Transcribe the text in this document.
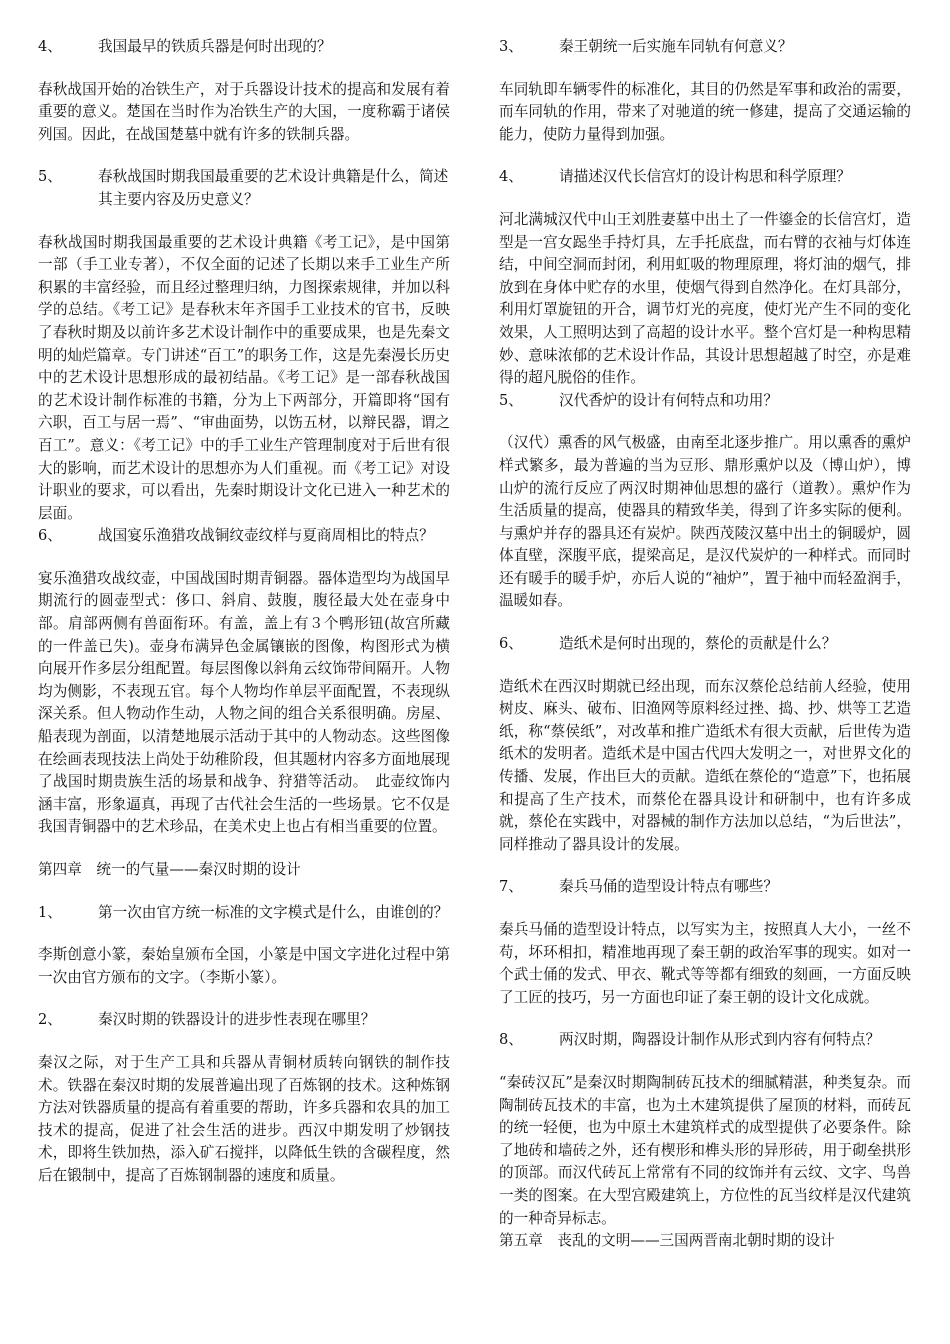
4、 我国最早的铁质兵器是何时出现的？
春秋战国开始的冶铁生产，对于兵器设计技术的提高和发展有着重要的意义。楚国在当时作为冶铁生产的大国，一度称霸于诸侯列国。因此，在战国楚墓中就有许多的铁制兵器。
5、 春秋战国时期我国最重要的艺术设计典籍是什么，简述其主要内容及历史意义？
春秋战国时期我国最重要的艺术设计典籍《考工记》，是中国第一部（手工业专著），不仅全面的记述了长期以来手工业生产所积累的丰富经验，而且经过整理归纳，力图探索规律，并加以科学的总结。《考工记》是春秋末年齐国手工业技术的官书，反映了春秋时期及以前许多艺术设计制作中的重要成果，也是先秦文明的灿烂篇章。专门讲述“百工”的职务工作，这是先秦漫长历史中的艺术设计思想形成的最初结晶。《考工记》是一部春秋战国的艺术设计制作标准的书籍，分为上下两部分，开篇即将“国有六职，百工与居一焉”、“审曲面势，以饬五材，以辩民器，谓之百工”。意义：《考工记》中的手工业生产管理制度对于后世有很大的影响，而艺术设计的思想亦为人们重视。而《考工记》对设计职业的要求，可以看出，先秦时期设计文化已进入一种艺术的层面。
6、 战国宴乐渔猎攻战铜纹壶纹样与夏商周相比的特点？
宴乐渔猎攻战纹壶，中国战国时期青铜器。器体造型均为战国早期流行的圆壶型式：侈口、斜肩、鼓腹，腹径最大处在壶身中部。肩部两侧有兽面衔环。有盖，盖上有３个鸭形钮(故宫所藏的一件盖已失)。壶身布满异色金属镶嵌的图像，构图形式为横向展开作多层分组配置。每层图像以斜角云纹饰带间隔开。人物均为侧影，不表现五官。每个人物均作单层平面配置，不表现纵深关系。但人物动作生动，人物之间的组合关系很明确。房屋、船表现为剖面，以清楚地展示活动于其中的人物动态。这些图像在绘画表现技法上尚处于幼稚阶段，但其题材内容多方面地展现了战国时期贵族生活的场景和战争、狩猎等活动。　此壶纹饰内涵丰富，形象逼真，再现了古代社会生活的一些场景。它不仅是我国青铜器中的艺术珍品，在美术史上也占有相当重要的位置。
第四章　统一的气量——秦汉时期的设计
1、 第一次由官方统一标准的文字模式是什么，由谁创的？
李斯创意小篆，秦始皇颁布全国，小篆是中国文字进化过程中第一次由官方颁布的文字。（李斯小篆）。
2、 秦汉时期的铁器设计的进步性表现在哪里？
秦汉之际，对于生产工具和兵器从青铜材质转向钢铁的制作技术。铁器在秦汉时期的发展普遍出现了百炼钢的技术。这种炼钢方法对铁器质量的提高有着重要的帮助，许多兵器和农具的加工技术的提高，促进了社会生活的进步。西汉中期发明了炒钢技术，即将生铁加热，添入矿石搅拌，以降低生铁的含碳程度，然后在锻制中，提高了百炼钢制器的速度和质量。
3、 秦王朝统一后实施车同轨有何意义？
车同轨即车辆零件的标准化，其目的仍然是军事和政治的需要，而车同轨的作用，带来了对驰道的统一修建，提高了交通运输的能力，使防力量得到加强。
4、 请描述汉代长信宫灯的设计构思和科学原理？
河北满城汉代中山王刘胜妻墓中出土了一件鎏金的长信宫灯，造型是一宫女跽坐手持灯具，左手托底盘，而右臂的衣袖与灯体连结，中间空洞而封闭，利用虹吸的物理原理，将灯油的烟气，排放到在身体中贮存的水里，使烟气得到自然净化。在灯具部分，利用灯罩旋钮的开合，调节灯光的亮度，使灯光产生不同的变化效果，人工照明达到了高超的设计水平。整个宫灯是一种构思精妙、意味浓郁的艺术设计作品，其设计思想超越了时空，亦是难得的超凡脱俗的佳作。
5、 汉代香炉的设计有何特点和功用？
（汉代）熏香的风气极盛，由南至北逐步推广。用以熏香的熏炉样式繁多，最为普遍的当为豆形、鼎形熏炉以及（博山炉），博山炉的流行反应了两汉时期神仙思想的盛行（道教）。熏炉作为生活质量的提高，使器具的精致华美，得到了许多实际的便利。与熏炉并存的器具还有炭炉。陕西茂陵汉墓中出土的铜暖炉，圆体直壁，深腹平底，提梁高足，是汉代炭炉的一种样式。而同时还有暖手的暖手炉，亦后人说的“袖炉”，置于袖中而轻盈润手，温暖如春。
6、 造纸术是何时出现的，蔡伦的贡献是什么？
造纸术在西汉时期就已经出现，而东汉蔡伦总结前人经验，使用树皮、麻头、破布、旧渔网等原料经过挫、捣、抄、烘等工艺造纸，称“蔡侯纸”，对改革和推广造纸术有很大贡献，后世传为造纸术的发明者。造纸术是中国古代四大发明之一，对世界文化的传播、发展，作出巨大的贡献。造纸在蔡伦的“造意”下，也拓展和提高了生产技术，而蔡伦在器具设计和研制中，也有许多成就，蔡伦在实践中，对器械的制作方法加以总结，“为后世法”，同样推动了器具设计的发展。
7、 秦兵马俑的造型设计特点有哪些？
秦兵马俑的造型设计特点，以写实为主，按照真人大小，一丝不苟，坏环相扣，精准地再现了秦王朝的政治军事的现实。如对一个武士俑的发式、甲衣、靴式等等都有细致的刻画，一方面反映了工匠的技巧，另一方面也印证了秦王朝的设计文化成就。
8、 两汉时期，陶器设计制作从形式到内容有何特点？
“秦砖汉瓦”是秦汉时期陶制砖瓦技术的细腻精湛，种类复杂。而陶制砖瓦技术的丰富，也为土木建筑提供了屋顶的材料，而砖瓦的统一轻便，也为中原土木建筑样式的成型提供了必要条件。除了地砖和墙砖之外，还有楔形和榫头形的异形砖，用于砌垒拱形的顶部。而汉代砖瓦上常常有不同的纹饰并有云纹、文字、鸟兽一类的图案。在大型宫殿建筑上，方位性的瓦当纹样是汉代建筑的一种奇异标志。
第五章　丧乱的文明——三国两晋南北朝时期的设计
